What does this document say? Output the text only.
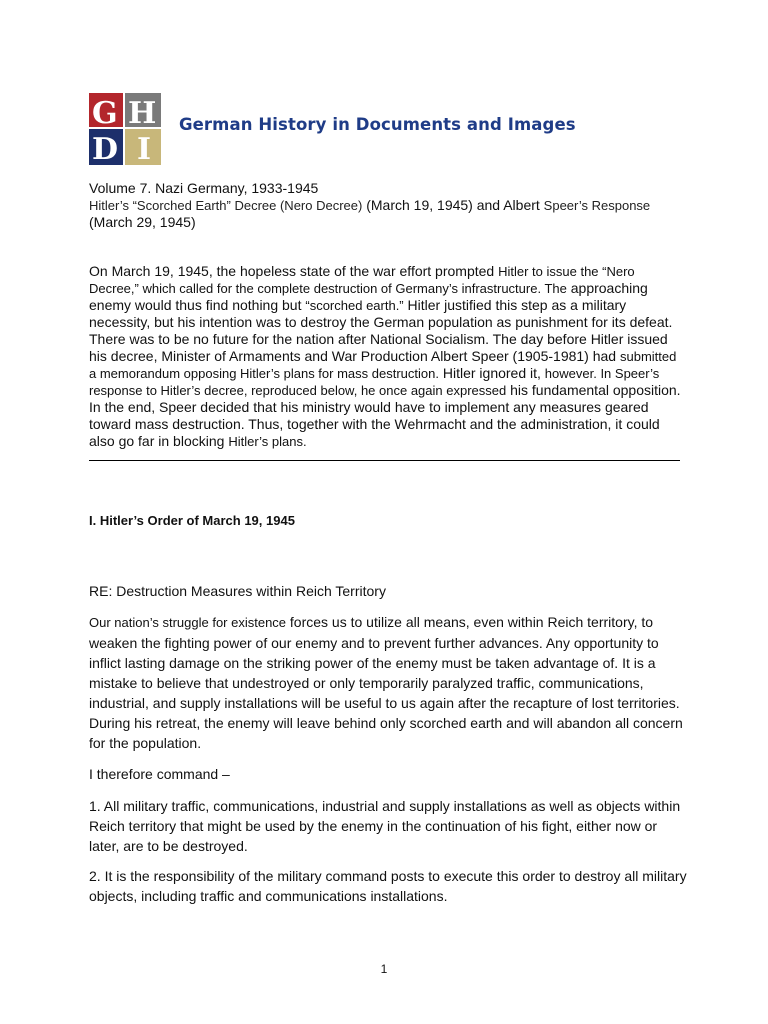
G H
D I
German History in Documents and Images
Volume 7. Nazi Germany, 1933-1945
Hitler’s “Scorched Earth” Decree (Nero Decree) (March 19, 1945) and Albert Speer’s Response
(March 29, 1945)
On March 19, 1945, the hopeless state of the war effort prompted Hitler to issue the “Nero Decree,” which called for the complete destruction of Germany’s infrastructure. The approaching enemy would thus find nothing but “scorched earth.” Hitler justified this step as a military necessity, but his intention was to destroy the German population as punishment for its defeat. There was to be no future for the nation after National Socialism. The day before Hitler issued his decree, Minister of Armaments and War Production Albert Speer (1905-1981) had submitted a memorandum opposing Hitler’s plans for mass destruction. Hitler ignored it, however. In Speer’s response to Hitler’s decree, reproduced below, he once again expressed his fundamental opposition. In the end, Speer decided that his ministry would have to implement any measures geared toward mass destruction. Thus, together with the Wehrmacht and the administration, it could also go far in blocking Hitler’s plans.
I. Hitler’s Order of March 19, 1945
RE: Destruction Measures within Reich Territory
Our nation’s struggle for existence forces us to utilize all means, even within Reich territory, to weaken the fighting power of our enemy and to prevent further advances. Any opportunity to inflict lasting damage on the striking power of the enemy must be taken advantage of. It is a mistake to believe that undestroyed or only temporarily paralyzed traffic, communications, industrial, and supply installations will be useful to us again after the recapture of lost territories. During his retreat, the enemy will leave behind only scorched earth and will abandon all concern for the population.
I therefore command –
1. All military traffic, communications, industrial and supply installations as well as objects within Reich territory that might be used by the enemy in the continuation of his fight, either now or later, are to be destroyed.
2. It is the responsibility of the military command posts to execute this order to destroy all military objects, including traffic and communications installations.
1
